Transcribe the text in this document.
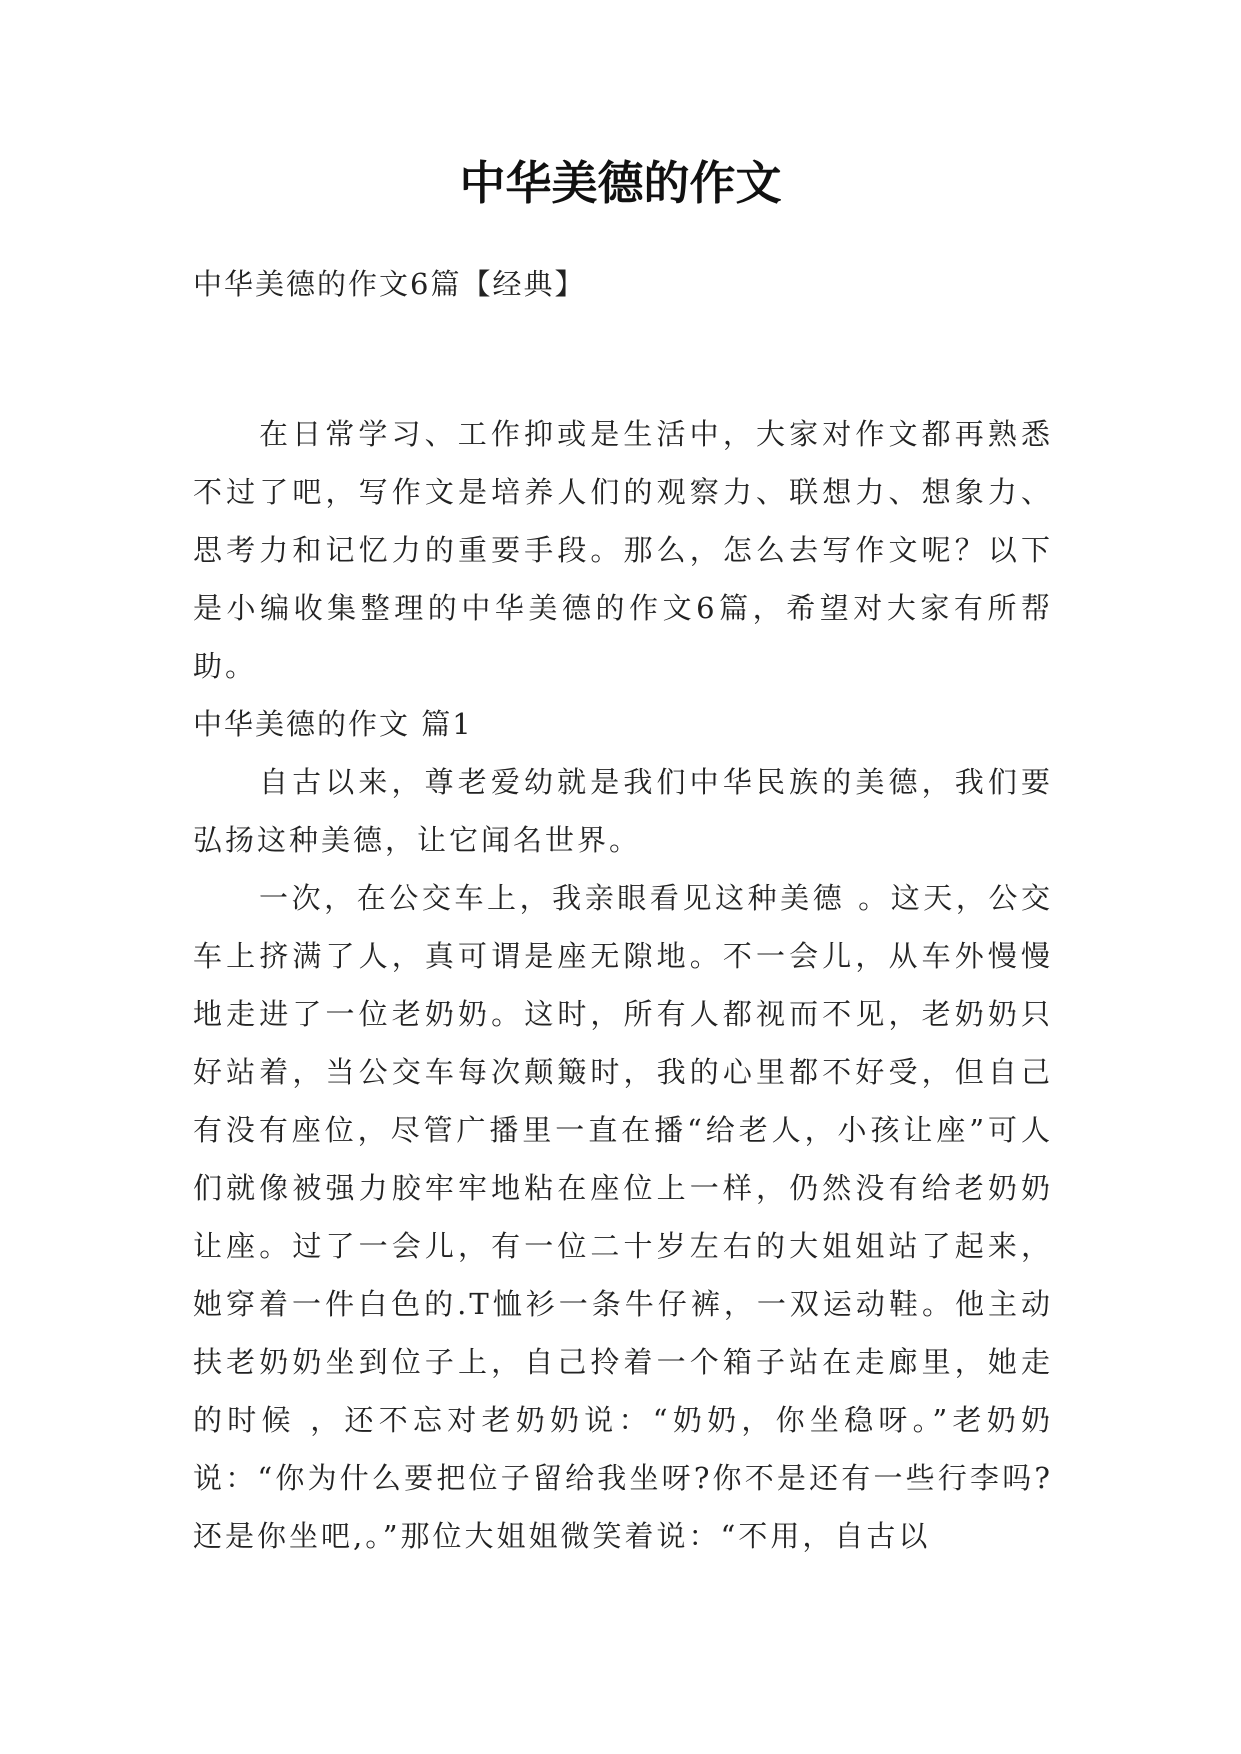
中华美德的作文
中华美德的作文6篇【经典】

在日常学习、工作抑或是生活中，大家对作文都再熟悉不过了吧，写作文是培养人们的观察力、联想力、想象力、思考力和记忆力的重要手段。那么，怎么去写作文呢？以下是小编收集整理的中华美德的作文6篇，希望对大家有所帮助。

中华美德的作文 篇1

自古以来，尊老爱幼就是我们中华民族的美德，我们要弘扬这种美德，让它闻名世界。

一次，在公交车上，我亲眼看见这种美德 。这天，公交车上挤满了人，真可谓是座无隙地。不一会儿，从车外慢慢地走进了一位老奶奶。这时，所有人都视而不见，老奶奶只好站着，当公交车每次颠簸时，我的心里都不好受，但自己有没有座位，尽管广播里一直在播“给老人，小孩让座”可人们就像被强力胶牢牢地粘在座位上一样，仍然没有给老奶奶让座。过了一会儿，有一位二十岁左右的大姐姐站了起来，她穿着一件白色的.T恤衫一条牛仔裤，一双运动鞋。他主动扶老奶奶坐到位子上，自己拎着一个箱子站在走廊里，她走的时候 ，还不忘对老奶奶说：“奶奶，你坐稳呀。”老奶奶说：“你为什么要把位子留给我坐呀?你不是还有一些行李吗?还是你坐吧,。”那位大姐姐微笑着说：“不用，自古以
